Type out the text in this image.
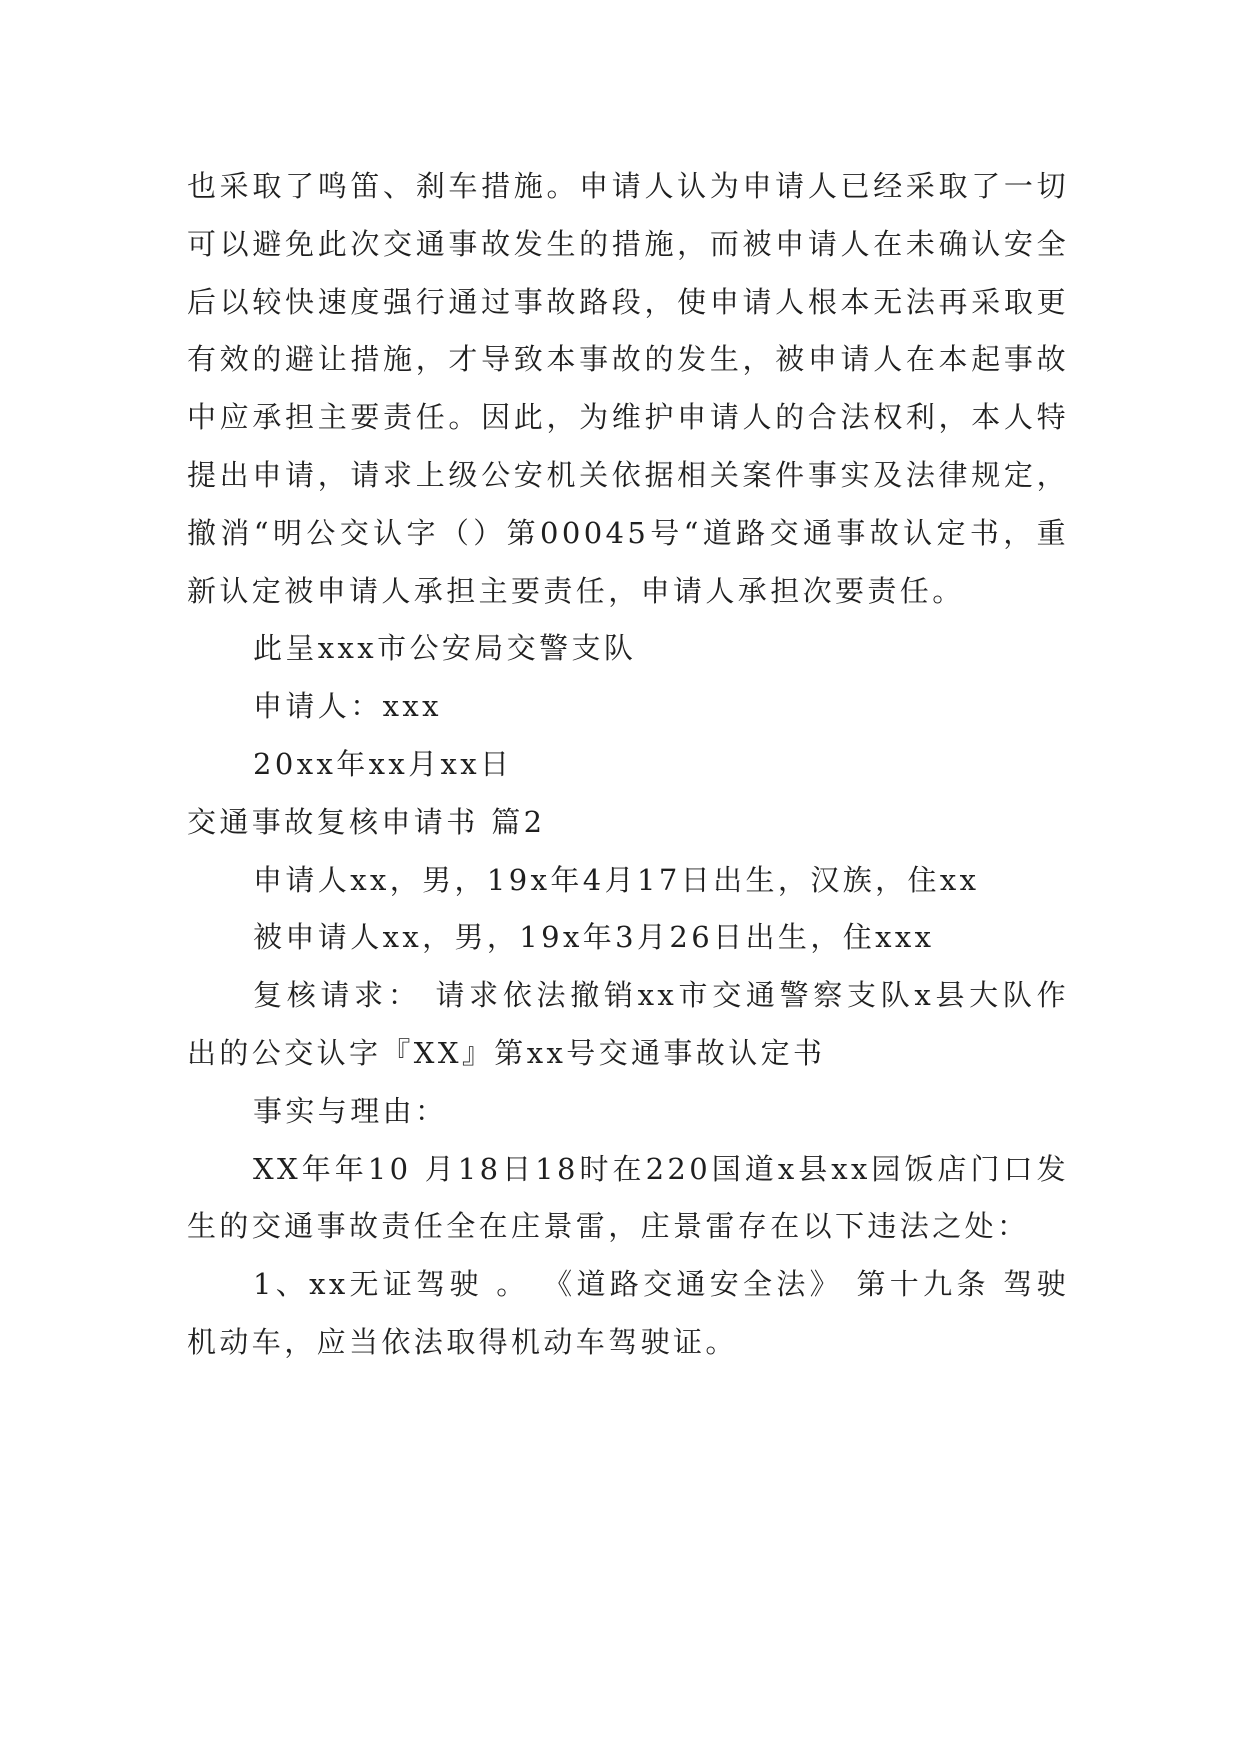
也采取了鸣笛、刹车措施。申请人认为申请人已经采取了一切可以避免此次交通事故发生的措施，而被申请人在未确认安全后以较快速度强行通过事故路段，使申请人根本无法再采取更有效的避让措施，才导致本事故的发生，被申请人在本起事故中应承担主要责任。因此，为维护申请人的合法权利，本人特提出申请，请求上级公安机关依据相关案件事实及法律规定，撤消“明公交认字（）第00045号“道路交通事故认定书，重新认定被申请人承担主要责任，申请人承担次要责任。

此呈xxx市公安局交警支队

申请人：xxx

20xx年xx月xx日

交通事故复核申请书 篇2

申请人xx，男，19x年4月17日出生，汉族，住xx

被申请人xx，男，19x年3月26日出生，住xxx

复核请求： 请求依法撤销xx市交通警察支队x县大队作出的公交认字『XX』第xx号交通事故认定书

事实与理由：

XX年年10 月18日18时在220国道x县xx园饭店门口发生的交通事故责任全在庄景雷，庄景雷存在以下违法之处：

1、xx无证驾驶 。 《道路交通安全法》 第十九条 驾驶机动车，应当依法取得机动车驾驶证。
